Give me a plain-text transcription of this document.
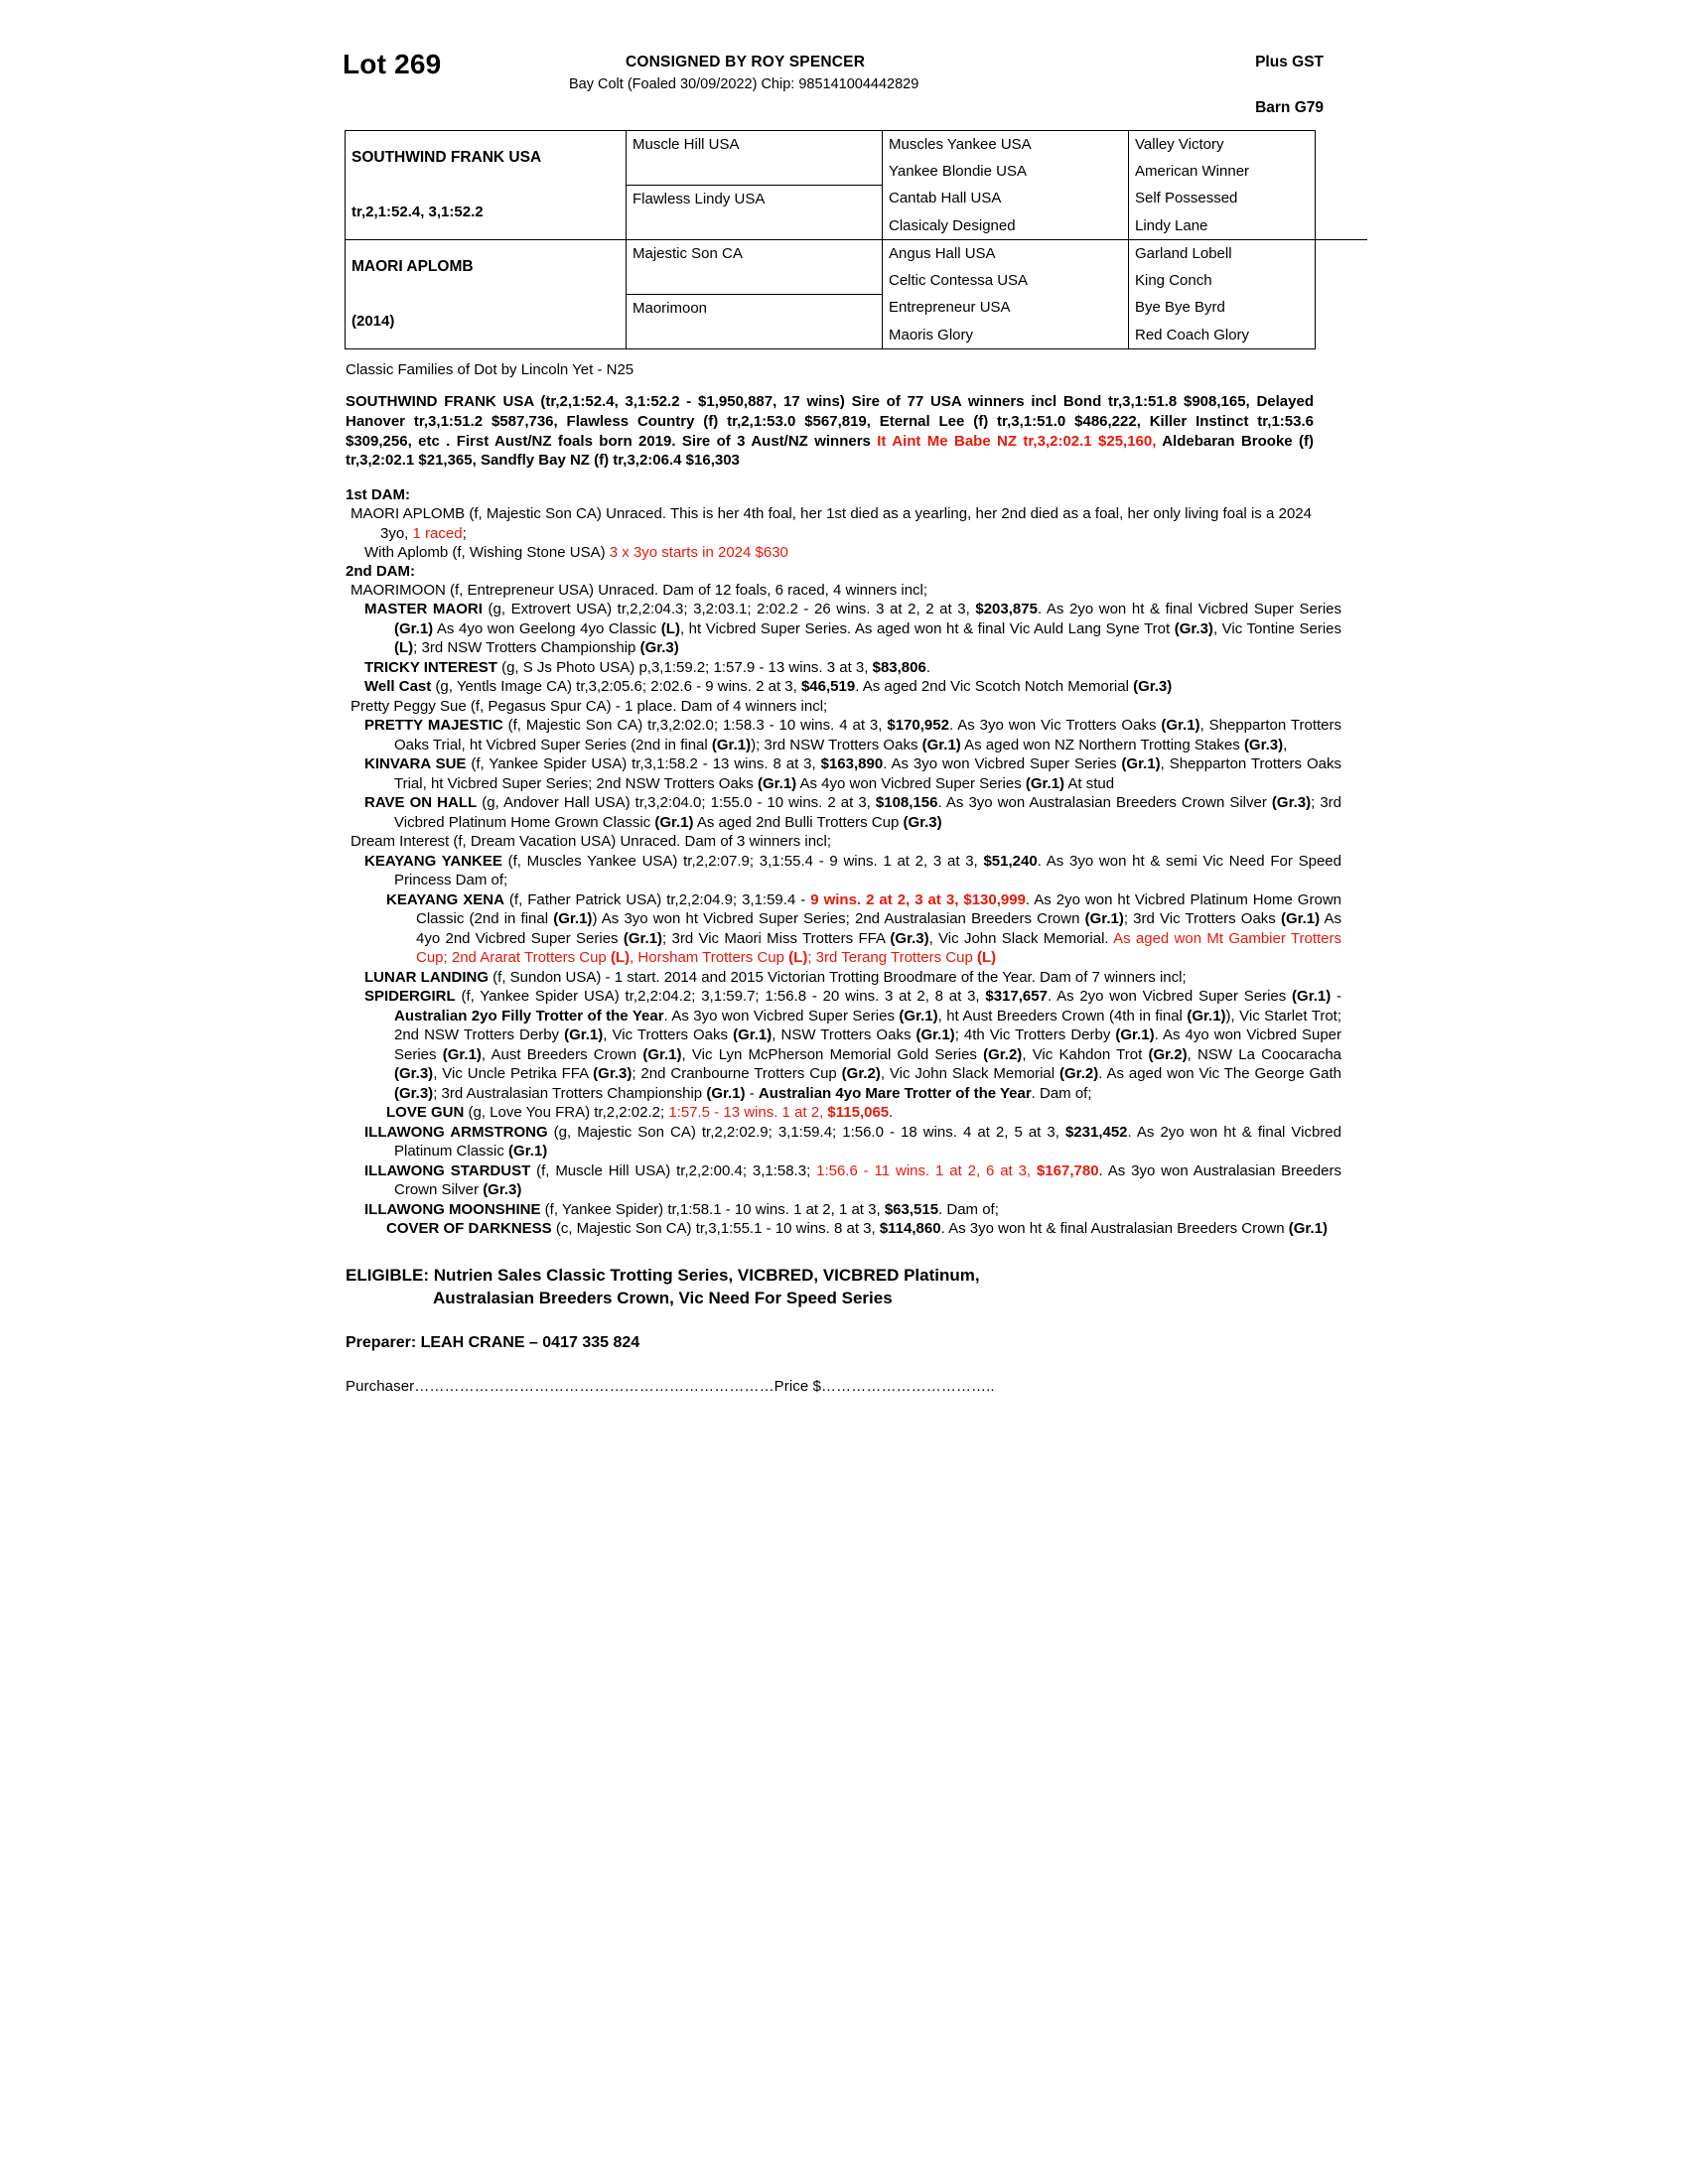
Lot 269	CONSIGNED BY ROY SPENCER	Plus GST
Bay Colt (Foaled 30/09/2022) Chip: 985141004442829
Barn G79
SOUTHWIND FRANK USA	Muscle Hill USA	Muscles Yankee USA	Valley Victory
		Yankee Blondie USA	American Winner

tr,2,1:52.4, 3,1:52.2	Flawless Lindy USA	Cantab Hall USA	Self Possessed
		Clasicaly Designed	Lindy Lane

MAORI APLOMB	Majestic Son CA	Angus Hall USA	Garland Lobell
		Celtic Contessa USA	King Conch

(2014)	Maorimoon	Entrepreneur USA	Bye Bye Byrd
		Maoris Glory	Red Coach Glory
Classic Families of Dot by Lincoln Yet - N25
SOUTHWIND FRANK USA (tr,2,1:52.4, 3,1:52.2 - $1,950,887, 17 wins) Sire of 77 USA winners incl Bond tr,3,1:51.8 $908,165, Delayed Hanover tr,3,1:51.2 $587,736, Flawless Country (f) tr,2,1:53.0 $567,819, Eternal Lee (f) tr,3,1:51.0 $486,222, Killer Instinct tr,1:53.6 $309,256, etc . First Aust/NZ foals born 2019. Sire of 3 Aust/NZ winners It Aint Me Babe NZ tr,3,2:02.1 $25,160, Aldebaran Brooke (f) tr,3,2:02.1 $21,365, Sandfly Bay NZ (f) tr,3,2:06.4 $16,303
1st DAM:
MAORI APLOMB (f, Majestic Son CA) Unraced. This is her 4th foal, her 1st died as a yearling, her 2nd died as a foal, her only living foal is a 2024 3yo, 1 raced;
With Aplomb (f, Wishing Stone USA) 3 x 3yo starts in 2024 $630
2nd DAM:
MAORIMOON (f, Entrepreneur USA) Unraced. Dam of 12 foals, 6 raced, 4 winners incl;
MASTER MAORI (g, Extrovert USA) tr,2,2:04.3; 3,2:03.1; 2:02.2 - 26 wins. 3 at 2, 2 at 3, $203,875. As 2yo won ht & final Vicbred Super Series (Gr.1) As 4yo won Geelong 4yo Classic (L), ht Vicbred Super Series. As aged won ht & final Vic Auld Lang Syne Trot (Gr.3), Vic Tontine Series (L); 3rd NSW Trotters Championship (Gr.3)
TRICKY INTEREST (g, S Js Photo USA) p,3,1:59.2; 1:57.9 - 13 wins. 3 at 3, $83,806.
Well Cast (g, Yentls Image CA) tr,3,2:05.6; 2:02.6 - 9 wins. 2 at 3, $46,519. As aged 2nd Vic Scotch Notch Memorial (Gr.3)
Pretty Peggy Sue (f, Pegasus Spur CA) - 1 place. Dam of 4 winners incl;
PRETTY MAJESTIC (f, Majestic Son CA) tr,3,2:02.0; 1:58.3 - 10 wins. 4 at 3, $170,952. As 3yo won Vic Trotters Oaks (Gr.1), Shepparton Trotters Oaks Trial, ht Vicbred Super Series (2nd in final (Gr.1)); 3rd NSW Trotters Oaks (Gr.1) As aged won NZ Northern Trotting Stakes (Gr.3),
KINVARA SUE (f, Yankee Spider USA) tr,3,1:58.2 - 13 wins. 8 at 3, $163,890. As 3yo won Vicbred Super Series (Gr.1), Shepparton Trotters Oaks Trial, ht Vicbred Super Series; 2nd NSW Trotters Oaks (Gr.1) As 4yo won Vicbred Super Series (Gr.1) At stud
RAVE ON HALL (g, Andover Hall USA) tr,3,2:04.0; 1:55.0 - 10 wins. 2 at 3, $108,156. As 3yo won Australasian Breeders Crown Silver (Gr.3); 3rd Vicbred Platinum Home Grown Classic (Gr.1) As aged 2nd Bulli Trotters Cup (Gr.3)
Dream Interest (f, Dream Vacation USA) Unraced. Dam of 3 winners incl;
KEAYANG YANKEE (f, Muscles Yankee USA) tr,2,2:07.9; 3,1:55.4 - 9 wins. 1 at 2, 3 at 3, $51,240. As 3yo won ht & semi Vic Need For Speed Princess Dam of;
KEAYANG XENA (f, Father Patrick USA) tr,2,2:04.9; 3,1:59.4 - 9 wins. 2 at 2, 3 at 3, $130,999. As 2yo won ht Vicbred Platinum Home Grown Classic (2nd in final (Gr.1)) As 3yo won ht Vicbred Super Series; 2nd Australasian Breeders Crown (Gr.1); 3rd Vic Trotters Oaks (Gr.1) As 4yo 2nd Vicbred Super Series (Gr.1); 3rd Vic Maori Miss Trotters FFA (Gr.3), Vic John Slack Memorial. As aged won Mt Gambier Trotters Cup; 2nd Ararat Trotters Cup (L), Horsham Trotters Cup (L); 3rd Terang Trotters Cup (L)
LUNAR LANDING (f, Sundon USA) - 1 start. 2014 and 2015 Victorian Trotting Broodmare of the Year. Dam of 7 winners incl;
SPIDERGIRL (f, Yankee Spider USA) tr,2,2:04.2; 3,1:59.7; 1:56.8 - 20 wins. 3 at 2, 8 at 3, $317,657. As 2yo won Vicbred Super Series (Gr.1) - Australian 2yo Filly Trotter of the Year. As 3yo won Vicbred Super Series (Gr.1), ht Aust Breeders Crown (4th in final (Gr.1)), Vic Starlet Trot; 2nd NSW Trotters Derby (Gr.1), Vic Trotters Oaks (Gr.1), NSW Trotters Oaks (Gr.1); 4th Vic Trotters Derby (Gr.1). As 4yo won Vicbred Super Series (Gr.1), Aust Breeders Crown (Gr.1), Vic Lyn McPherson Memorial Gold Series (Gr.2), Vic Kahdon Trot (Gr.2), NSW La Coocaracha (Gr.3), Vic Uncle Petrika FFA (Gr.3); 2nd Cranbourne Trotters Cup (Gr.2), Vic John Slack Memorial (Gr.2). As aged won Vic The George Gath (Gr.3); 3rd Australasian Trotters Championship (Gr.1) - Australian 4yo Mare Trotter of the Year. Dam of;
LOVE GUN (g, Love You FRA) tr,2,2:02.2; 1:57.5 - 13 wins. 1 at 2, $115,065.
ILLAWONG ARMSTRONG (g, Majestic Son CA) tr,2,2:02.9; 3,1:59.4; 1:56.0 - 18 wins. 4 at 2, 5 at 3, $231,452. As 2yo won ht & final Vicbred Platinum Classic (Gr.1)
ILLAWONG STARDUST (f, Muscle Hill USA) tr,2,2:00.4; 3,1:58.3; 1:56.6 - 11 wins. 1 at 2, 6 at 3, $167,780. As 3yo won Australasian Breeders Crown Silver (Gr.3)
ILLAWONG MOONSHINE (f, Yankee Spider) tr,1:58.1 - 10 wins. 1 at 2, 1 at 3, $63,515. Dam of;
COVER OF DARKNESS (c, Majestic Son CA) tr,3,1:55.1 - 10 wins. 8 at 3, $114,860. As 3yo won ht & final Australasian Breeders Crown (Gr.1)
ELIGIBLE: Nutrien Sales Classic Trotting Series, VICBRED, VICBRED Platinum,
Australasian Breeders Crown, Vic Need For Speed Series
Preparer: LEAH CRANE – 0417 335 824
Purchaser………………………………………………………………Price $……………………………..
